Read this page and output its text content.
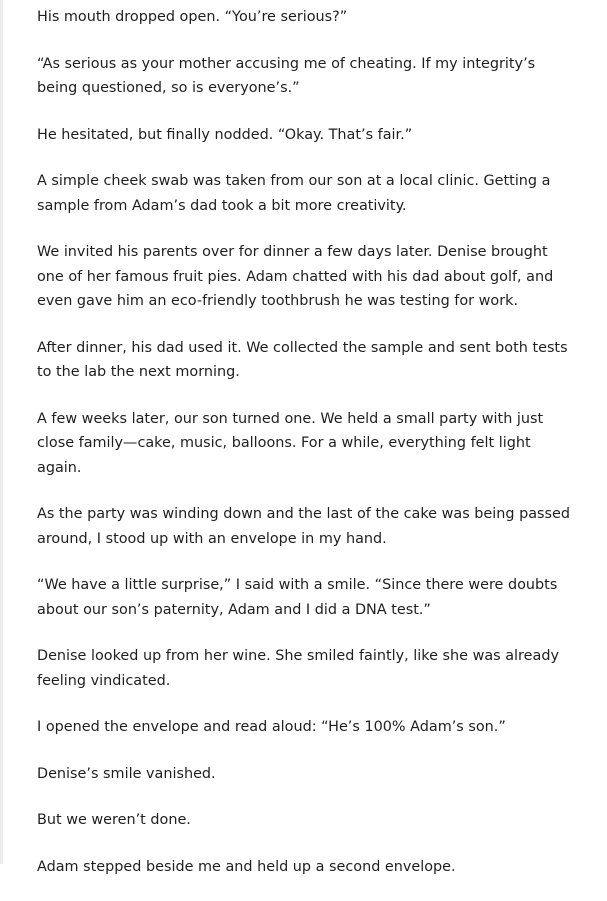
His mouth dropped open. “You’re serious?”

“As serious as your mother accusing me of cheating. If my integrity’s being questioned, so is everyone’s.”

He hesitated, but finally nodded. “Okay. That’s fair.”

A simple cheek swab was taken from our son at a local clinic. Getting a sample from Adam’s dad took a bit more creativity.

We invited his parents over for dinner a few days later. Denise brought one of her famous fruit pies. Adam chatted with his dad about golf, and even gave him an eco-friendly toothbrush he was testing for work.

After dinner, his dad used it. We collected the sample and sent both tests to the lab the next morning.

A few weeks later, our son turned one. We held a small party with just close family—cake, music, balloons. For a while, everything felt light again.

As the party was winding down and the last of the cake was being passed around, I stood up with an envelope in my hand.

“We have a little surprise,” I said with a smile. “Since there were doubts about our son’s paternity, Adam and I did a DNA test.”

Denise looked up from her wine. She smiled faintly, like she was already feeling vindicated.

I opened the envelope and read aloud: “He’s 100% Adam’s son.”

Denise’s smile vanished.

But we weren’t done.

Adam stepped beside me and held up a second envelope.
